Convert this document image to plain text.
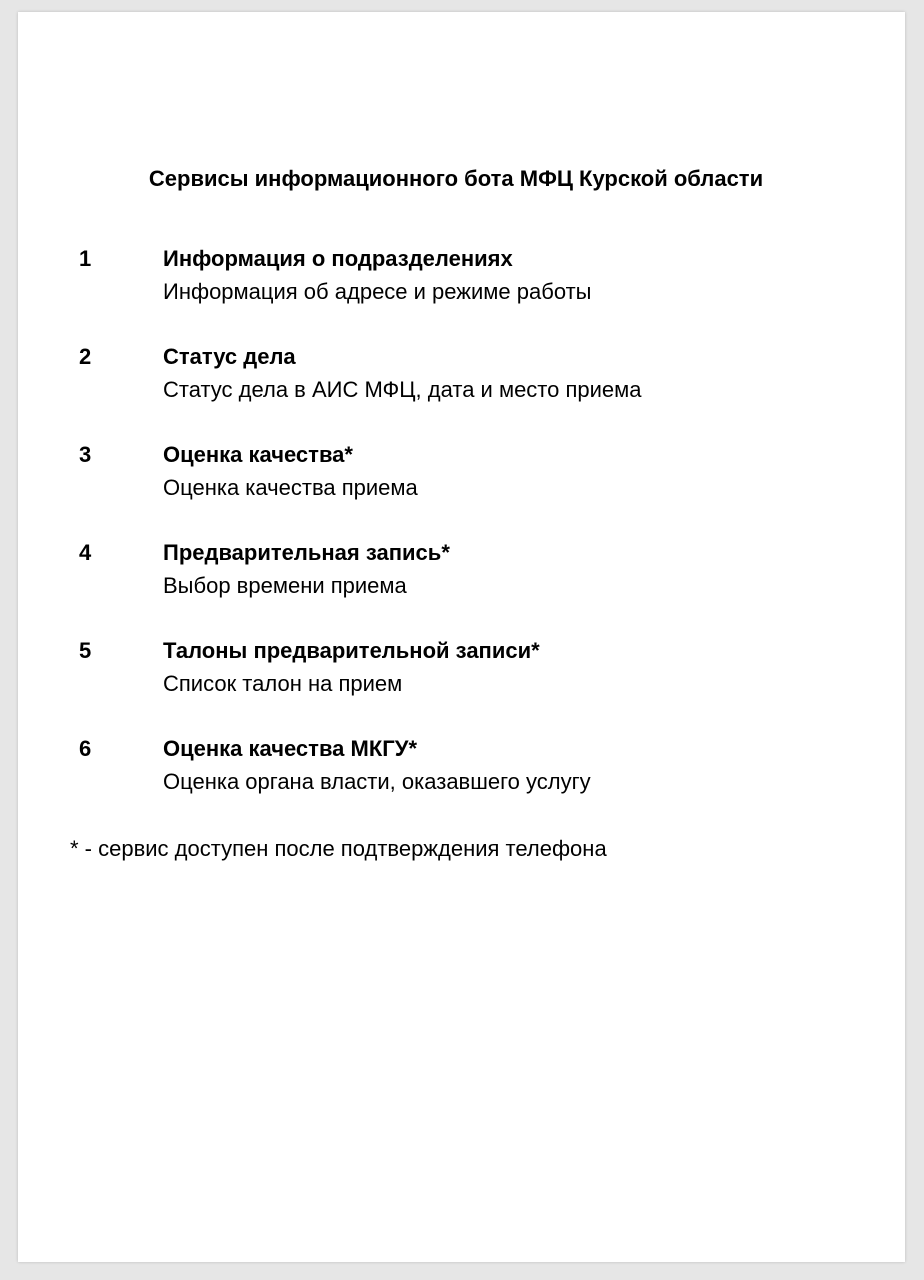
Сервисы информационного бота МФЦ Курской области
1	Информация о подразделениях
Информация об адресе и режиме работы
2	Статус дела
Статус дела в АИС МФЦ, дата и место приема
3	Оценка качества*
Оценка качества приема
4	Предварительная запись*
Выбор времени приема
5	Талоны предварительной записи*
Список талон на прием
6	Оценка качества МКГУ*
Оценка органа власти, оказавшего услугу
* - сервис доступен после подтверждения телефона
